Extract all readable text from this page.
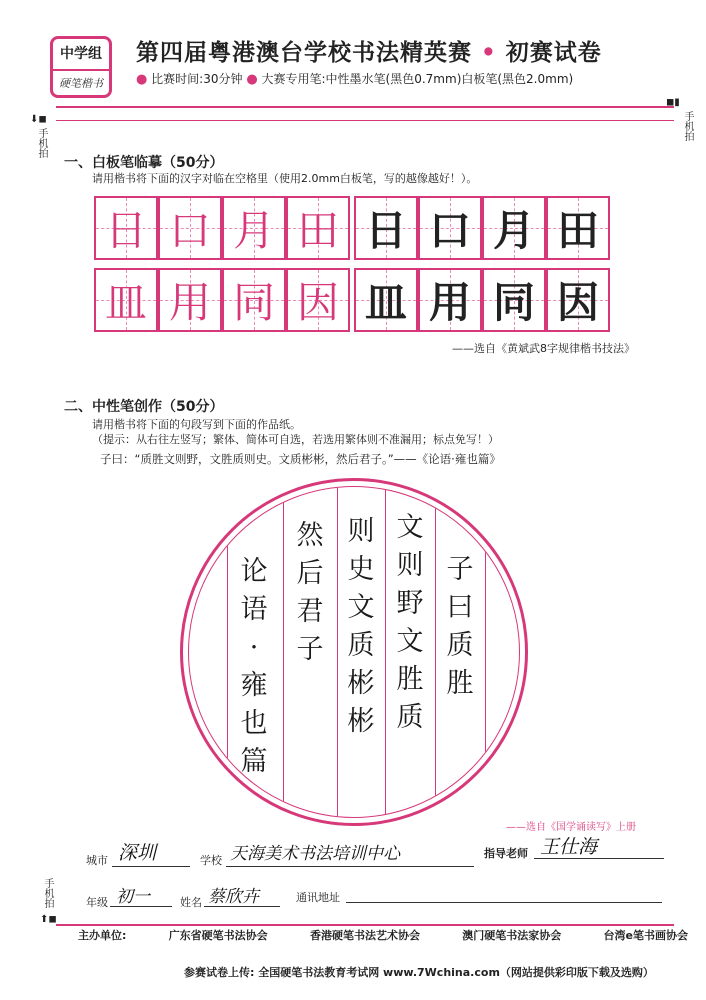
中学组
硬笔楷书
第四届粤港澳台学校书法精英赛 • 初赛试卷
● 比赛时间:30分钟 ● 大赛专用笔:中性墨水笔(黑色0.7mm)白板笔(黑色2.0mm)
◼▮
⬇◼
手机拍
手机拍
一、白板笔临摹（50分）
请用楷书将下面的汉字对临在空格里（使用2.0mm白板笔，写的越像越好！）。
日 口 月 田 日 口 月 田
皿 用 同 因 皿 用 同 因
——选自《黄斌武8字规律楷书技法》
二、中性笔创作（50分）
请用楷书将下面的句段写到下面的作品纸。
（提示：从右往左竖写；繁体、简体可自选，若选用繁体则不准漏用；标点免写！）
子曰：“质胜文则野，文胜质则史。文质彬彬，然后君子。”——《论语·雍也篇》
子曰质胜
文则野文胜质
则史文质彬彬
然后君子
论语·雍也篇
——选自《国学诵读写》上册
城市 深圳	学校 天海美术书法培训中心	指导老师 王仕海
年级 初一	姓名 蔡欣卉	通讯地址
手机拍
⬆◼
主办单位:	广东省硬笔书法协会	香港硬笔书法艺术协会	澳门硬笔书法家协会	台湾e笔书画协会
参赛试卷上传: 全国硬笔书法教育考试网 www.7Wchina.com（网站提供彩印版下载及选购）
